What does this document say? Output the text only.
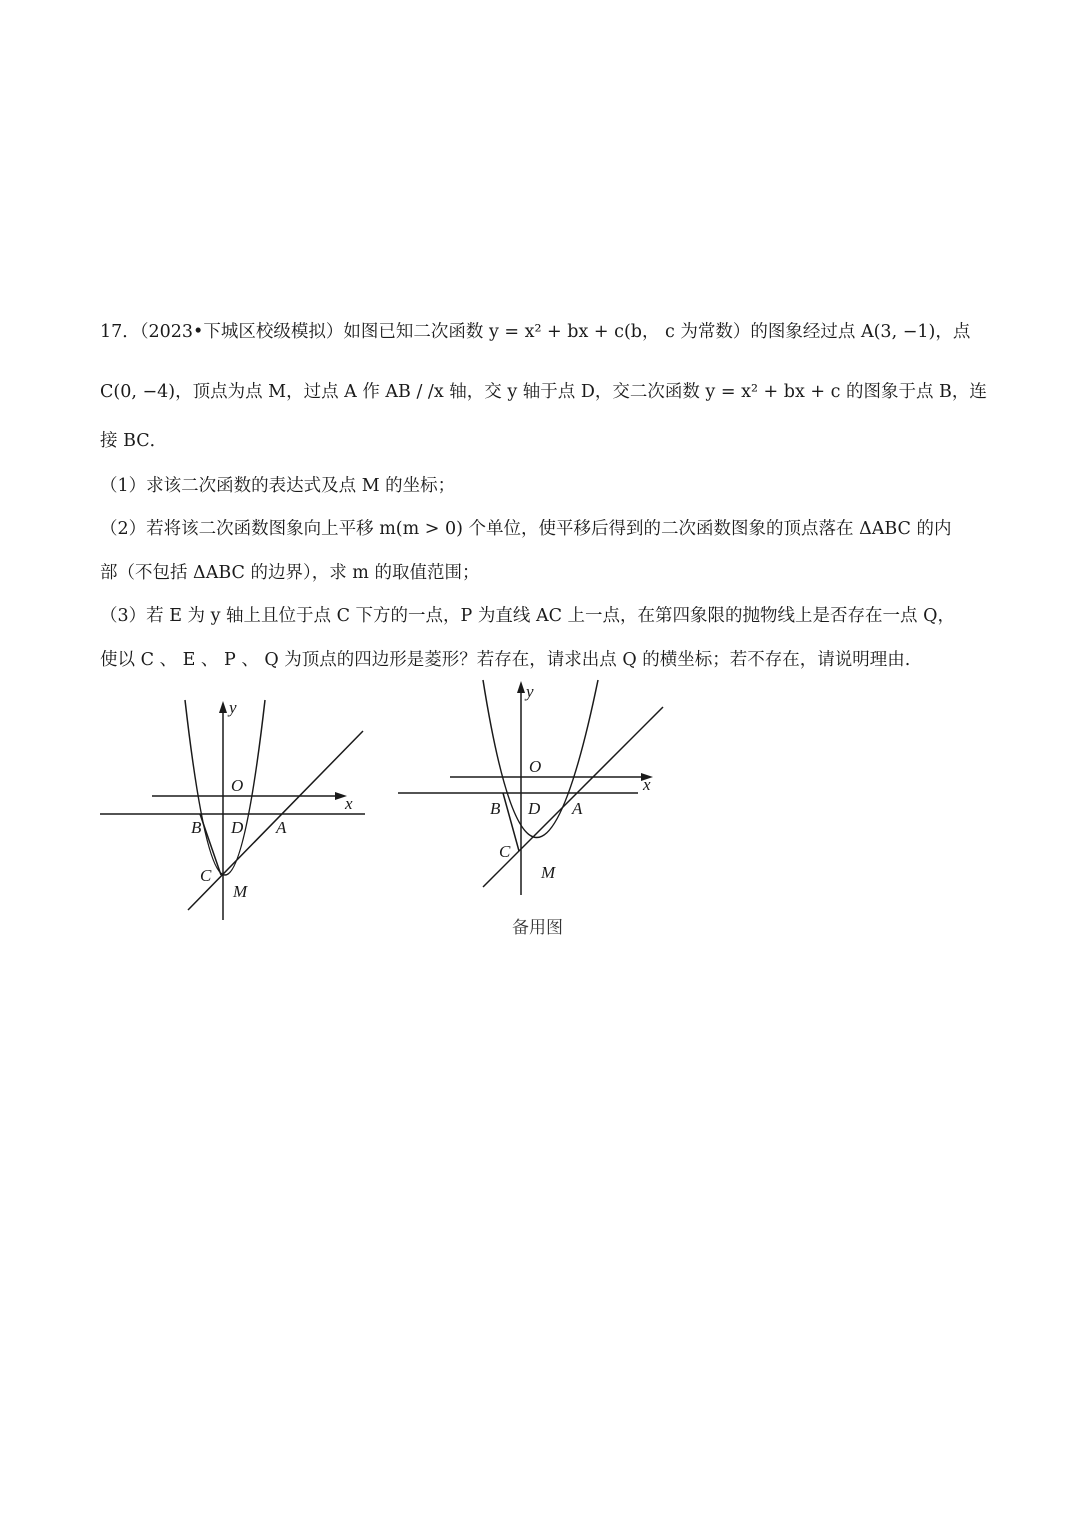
17．（2023•下城区校级模拟）如图已知二次函数 y = x² + bx + c(b， c 为常数）的图象经过点 A(3, −1)，点
C(0, −4)，顶点为点 M，过点 A 作 AB / /x 轴，交 y 轴于点 D，交二次函数 y = x² + bx + c 的图象于点 B，连
接 BC．
（1）求该二次函数的表达式及点 M 的坐标；
（2）若将该二次函数图象向上平移 m(m > 0) 个单位，使平移后得到的二次函数图象的顶点落在 ΔABC 的内
部（不包括 ΔABC 的边界），求 m 的取值范围；
（3）若 E 为 y 轴上且位于点 C 下方的一点，P 为直线 AC 上一点，在第四象限的抛物线上是否存在一点 Q，
使以 C 、 E 、 P 、 Q 为顶点的四边形是菱形？若存在，请求出点 Q 的横坐标；若不存在，请说明理由.
y
x
O
B D A
C
M
y
x
O
B D A
C
M
备用图
